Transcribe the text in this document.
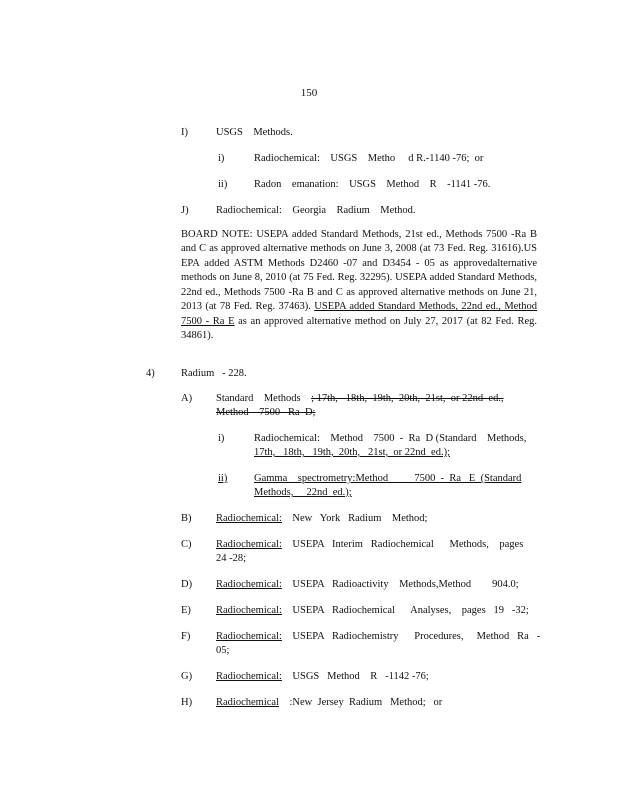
150
I)	USGS    Methods.
i)	Radiochemical:    USGS    Metho     d R.-1140 -76;  or
ii)	Radon    emanation:    USGS    Method    R    -1141 -76.
J)	Radiochemical:    Georgia    Radium    Method.
BOARD NOTE: USEPA added Standard Methods, 21st ed., Methods 7500 -Ra B and C as approved alternative methods on June 3, 2008 (at 73 Fed. Reg. 31616).US EPA added ASTM Methods D2460 -07 and D3454 - 05 as approvedalternative methods on June 8, 2010 (at 75 Fed. Reg. 32295). USEPA added Standard Methods, 22nd ed., Methods 7500 -Ra B and C as approved alternative methods on June 21, 2013 (at 78 Fed. Reg. 37463). USEPA added Standard Methods, 22nd ed., Method 7500 - Ra E as an approved alternative method on July 27, 2017 (at 82 Fed. Reg. 34861).
4)	Radium   - 228.
A) Standard    Methods    ; 17th,   18th,  19th,  20th,  21st,  or 22nd  ed.,
Method    7500   Ra  D;
i)	Radiochemical:    Method    7500  -  Ra  D (Standard    Methods,
17th,   18th,   19th,  20th,   21st,  or 22nd  ed.);
ii)	Gamma    spectrometry:Method          7500  -  Ra   E  (Standard
Methods,     22nd  ed.);
B) Radiochemical:    New   York   Radium    Method;
C) Radiochemical:    USEPA   Interim   Radiochemical      Methods,    pages
24 -28;
D) Radiochemical:    USEPA   Radioactivity    Methods,Method        904.0;
E) Radiochemical:    USEPA   Radiochemical      Analyses,    pages   19   -32;
F) Radiochemical:    USEPA   Radiochemistry      Procedures,     Method   Ra   -
05;
G) Radiochemical:    USGS   Method    R   -1142 -76;
H) Radiochemical    :New  Jersey  Radium   Method;   or
